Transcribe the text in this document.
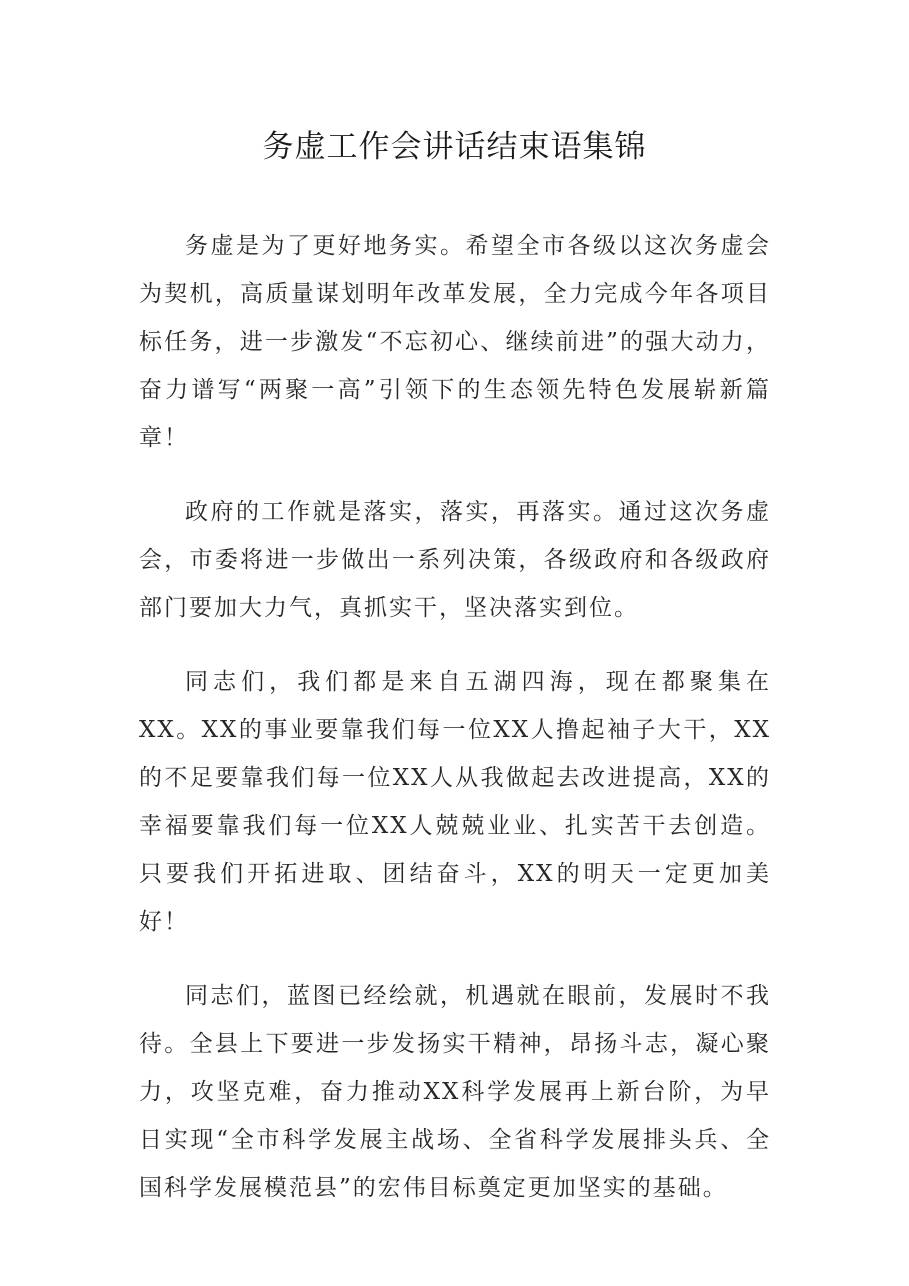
务虚工作会讲话结束语集锦

务虚是为了更好地务实。希望全市各级以这次务虚会为契机，高质量谋划明年改革发展，全力完成今年各项目标任务，进一步激发“不忘初心、继续前进”的强大动力，奋力谱写“两聚一高”引领下的生态领先特色发展崭新篇章！

政府的工作就是落实，落实，再落实。通过这次务虚会，市委将进一步做出一系列决策，各级政府和各级政府部门要加大力气，真抓实干，坚决落实到位。

同志们，我们都是来自五湖四海，现在都聚集在XX。XX的事业要靠我们每一位XX人撸起袖子大干，XX的不足要靠我们每一位XX人从我做起去改进提高，XX的幸福要靠我们每一位XX人兢兢业业、扎实苦干去创造。只要我们开拓进取、团结奋斗，XX的明天一定更加美好！

同志们，蓝图已经绘就，机遇就在眼前，发展时不我待。全县上下要进一步发扬实干精神，昂扬斗志，凝心聚力，攻坚克难，奋力推动XX科学发展再上新台阶，为早日实现“全市科学发展主战场、全省科学发展排头兵、全国科学发展模范县”的宏伟目标奠定更加坚实的基础。
